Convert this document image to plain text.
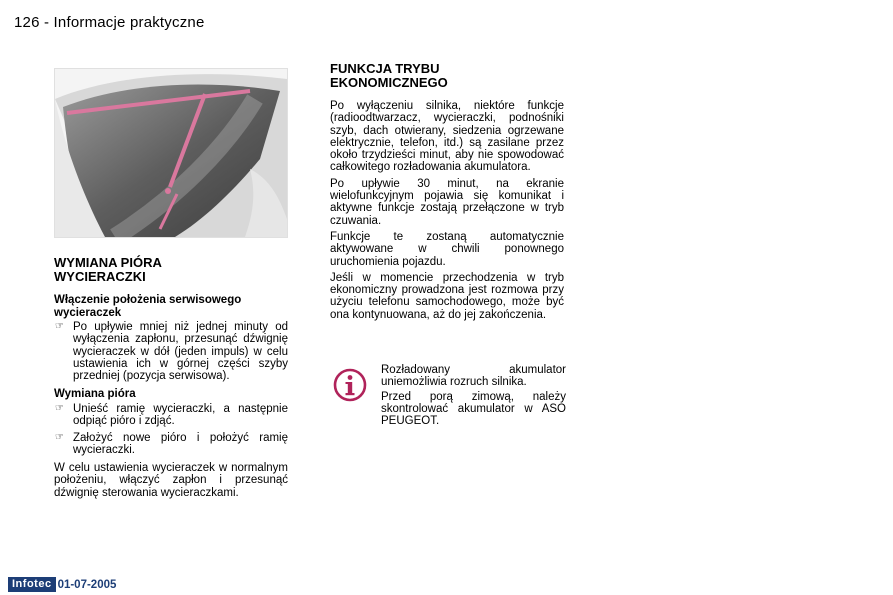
126 - Informacje praktyczne
WYMIANA PIÓRA
WYCIERACZKI
Włączenie położenia serwisowego
wycieraczek
☞ Po upływie mniej niż jednej minuty od wyłączenia zapłonu, przesunąć dźwignię wycieraczek w dół (jeden impuls) w celu ustawienia ich w górnej części szyby przedniej (pozycja serwisowa).
Wymiana pióra
☞ Unieść ramię wycieraczki, a następnie odpiąć pióro i zdjąć.
☞ Założyć nowe pióro i położyć ramię wycieraczki.

W celu ustawienia wycieraczek w normalnym położeniu, włączyć zapłon i przesunąć dźwignię sterowania wycieraczkami.

FUNKCJA TRYBU
EKONOMICZNEGO

Po wyłączeniu silnika, niektóre funkcje (radioodtwarzacz, wycieraczki, podnośniki szyb, dach otwierany, siedzenia ogrzewane elektrycznie, telefon, itd.) są zasilane przez około trzydzieści minut, aby nie spowodować całkowitego rozładowania akumulatora.

Po upływie 30 minut, na ekranie wielofunkcyjnym pojawia się komunikat i aktywne funkcje zostają przełączone w tryb czuwania.

Funkcje te zostaną automatycznie aktywowane w chwili ponownego uruchomienia pojazdu.

Jeśli w momencie przechodzenia w tryb ekonomiczny prowadzona jest rozmowa przy użyciu telefonu samochodowego, może być ona kontynuowana, aż do jej zakończenia.

Rozładowany akumulator uniemożliwia rozruch silnika.

Przed porą zimową, należy skontrolować akumulator w ASO PEUGEOT.

Infotec 01-07-2005
